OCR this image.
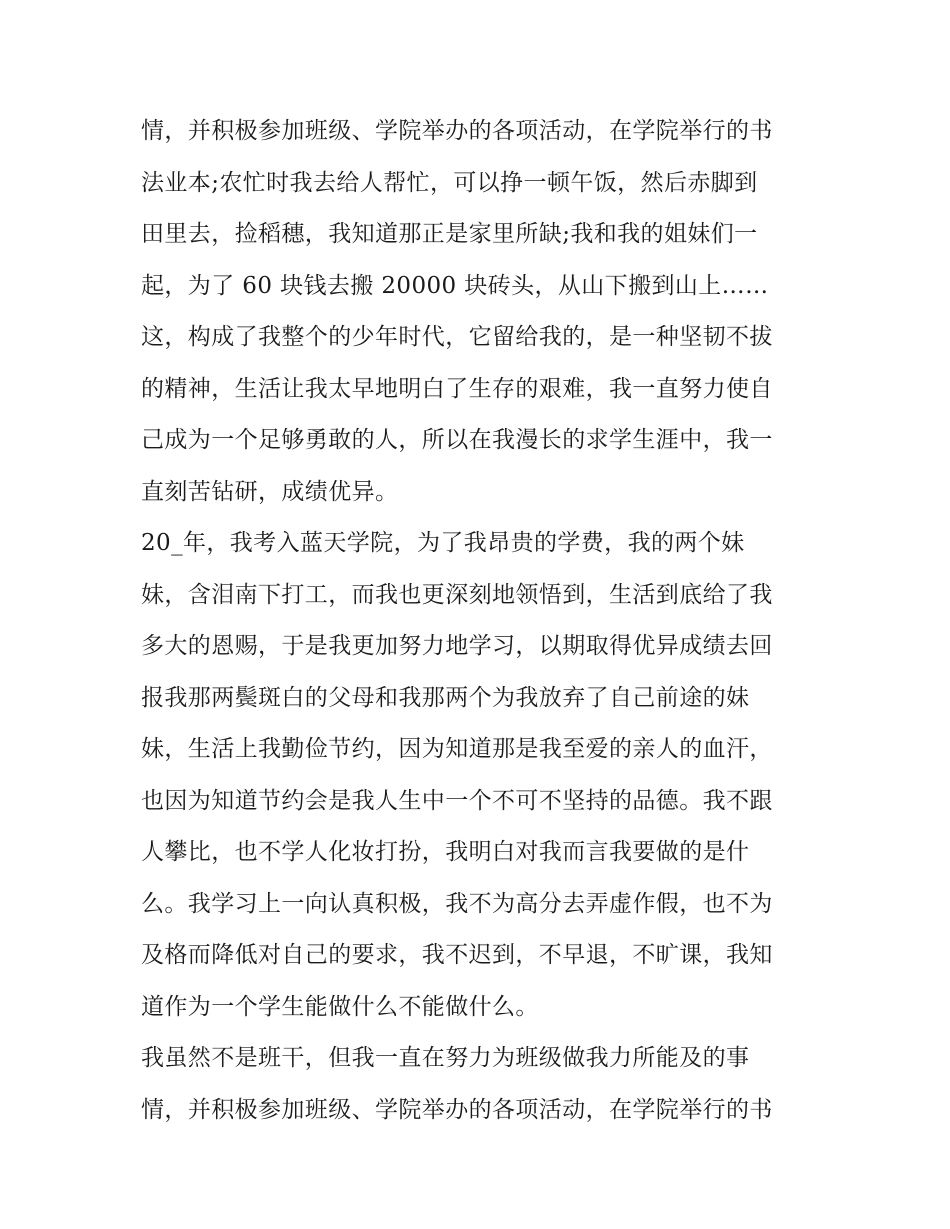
情，并积极参加班级、学院举办的各项活动，在学院举行的书
法业本;农忙时我去给人帮忙，可以挣一顿午饭，然后赤脚到
田里去，捡稻穗，我知道那正是家里所缺;我和我的姐妹们一
起，为了 60 块钱去搬 20000 块砖头，从山下搬到山上……
这，构成了我整个的少年时代，它留给我的，是一种坚韧不拔
的精神，生活让我太早地明白了生存的艰难，我一直努力使自
己成为一个足够勇敢的人，所以在我漫长的求学生涯中，我一
直刻苦钻研，成绩优异。
20_年，我考入蓝天学院，为了我昂贵的学费，我的两个妹
妹，含泪南下打工，而我也更深刻地领悟到，生活到底给了我
多大的恩赐，于是我更加努力地学习，以期取得优异成绩去回
报我那两鬓斑白的父母和我那两个为我放弃了自己前途的妹
妹，生活上我勤俭节约，因为知道那是我至爱的亲人的血汗，
也因为知道节约会是我人生中一个不可不坚持的品德。我不跟
人攀比，也不学人化妆打扮，我明白对我而言我要做的是什
么。我学习上一向认真积极，我不为高分去弄虚作假，也不为
及格而降低对自己的要求，我不迟到，不早退，不旷课，我知
道作为一个学生能做什么不能做什么。
我虽然不是班干，但我一直在努力为班级做我力所能及的事
情，并积极参加班级、学院举办的各项活动，在学院举行的书
